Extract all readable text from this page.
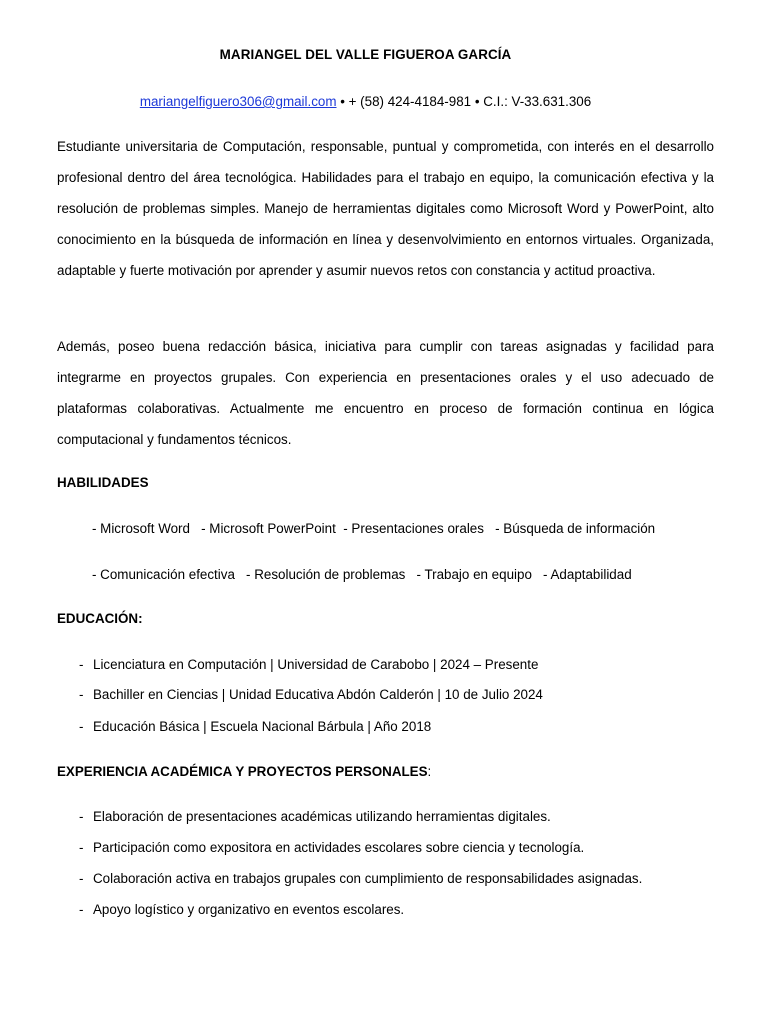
MARIANGEL DEL VALLE FIGUEROA GARCÍA
mariangelfiguero306@gmail.com • + (58) 424-4184-981 • C.I.: V-33.631.306

Estudiante universitaria de Computación, responsable, puntual y comprometida, con interés en el desarrollo profesional dentro del área tecnológica. Habilidades para el trabajo en equipo, la comunicación efectiva y la resolución de problemas simples. Manejo de herramientas digitales como Microsoft Word y PowerPoint, alto conocimiento en la búsqueda de información en línea y desenvolvimiento en entornos virtuales. Organizada, adaptable y fuerte motivación por aprender y asumir nuevos retos con constancia y actitud proactiva.

Además, poseo buena redacción básica, iniciativa para cumplir con tareas asignadas y facilidad para integrarme en proyectos grupales. Con experiencia en presentaciones orales y el uso adecuado de plataformas colaborativas. Actualmente me encuentro en proceso de formación continua en lógica computacional y fundamentos técnicos.

HABILIDADES
- Microsoft Word   - Microsoft PowerPoint  - Presentaciones orales   - Búsqueda de información
- Comunicación efectiva   - Resolución de problemas   - Trabajo en equipo   - Adaptabilidad
EDUCACIÓN:
- Licenciatura en Computación | Universidad de Carabobo | 2024 – Presente
- Bachiller en Ciencias | Unidad Educativa Abdón Calderón | 10 de Julio 2024
- Educación Básica | Escuela Nacional Bárbula | Año 2018
EXPERIENCIA ACADÉMICA Y PROYECTOS PERSONALES:
- Elaboración de presentaciones académicas utilizando herramientas digitales.
- Participación como expositora en actividades escolares sobre ciencia y tecnología.
- Colaboración activa en trabajos grupales con cumplimiento de responsabilidades asignadas.
- Apoyo logístico y organizativo en eventos escolares.
